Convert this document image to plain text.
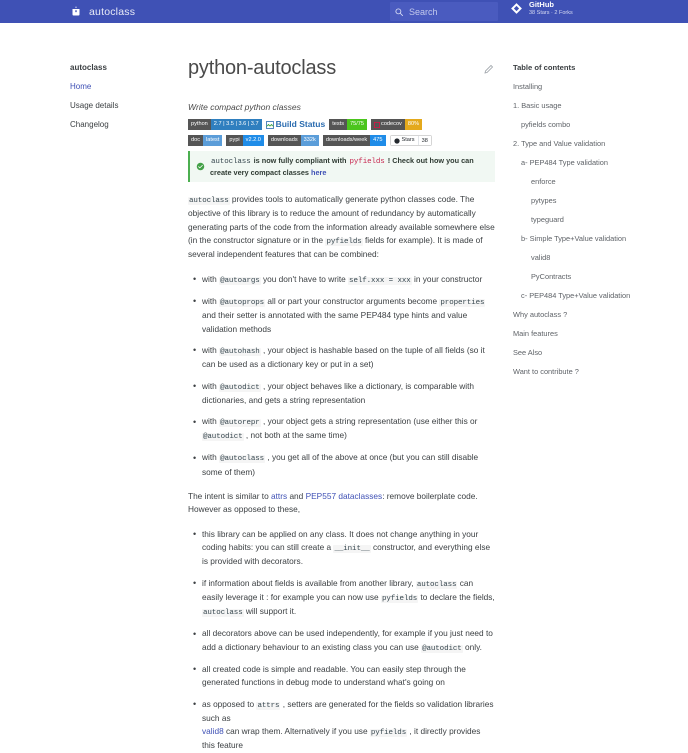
autoclass
Search
GitHub
38 Stars · 2 Forks
autoclass
Home
Usage details
Changelog
python-autoclass

Write compact python classes

python	2.7 | 3.5 | 3.6 | 3.7	Build Status	tests	75/75	codecov	80%
doc	latest	pypi	v2.2.0	downloads	332k	downloads/week	475	Stars	38
autoclass is now fully compliant with pyfields ! Check out how you can create very compact classes here

autoclass provides tools to automatically generate python classes code. The objective of this library is to reduce the amount of redundancy by automatically generating parts of the code from the information already available somewhere else (in the constructor signature or in the pyfields fields for example). It is made of several independent features that can be combined:

• with @autoargs you don't have to write self.xxx = xxx in your constructor
• with @autoprops all or part your constructor arguments become properties and their setter is annotated with the same PEP484 type hints and value validation methods
• with @autohash , your object is hashable based on the tuple of all fields (so it can be used as a dictionary key or put in a set)
• with @autodict , your object behaves like a dictionary, is comparable with dictionaries, and gets a string representation
• with @autorepr , your object gets a string representation (use either this or @autodict , not both at the same time)
• with @autoclass , you get all of the above at once (but you can still disable some of them)

The intent is similar to attrs and PEP557 dataclasses: remove boilerplate code. However as opposed to these,

• this library can be applied on any class. It does not change anything in your coding habits: you can still create a __init__ constructor, and everything else is provided with decorators.
• if information about fields is available from another library, autoclass can easily leverage it : for example you can now use pyfields to declare the fields, autoclass will support it.
• all decorators above can be used independently, for example if you just need to add a dictionary behaviour to an existing class you can use @autodict only.
• all created code is simple and readable. You can easily step through the generated functions in debug mode to understand what's going on
• as opposed to attrs , setters are generated for the fields so validation libraries such as
valid8 can wrap them. Alternatively if you use pyfields , it directly provides this feature
Table of contents
Installing
1. Basic usage
pyfields combo
2. Type and Value validation
a- PEP484 Type validation
enforce
pytypes
typeguard
b- Simple Type+Value validation
valid8
PyContracts
c- PEP484 Type+Value validation
Why autoclass ?
Main features
See Also
Want to contribute ?
